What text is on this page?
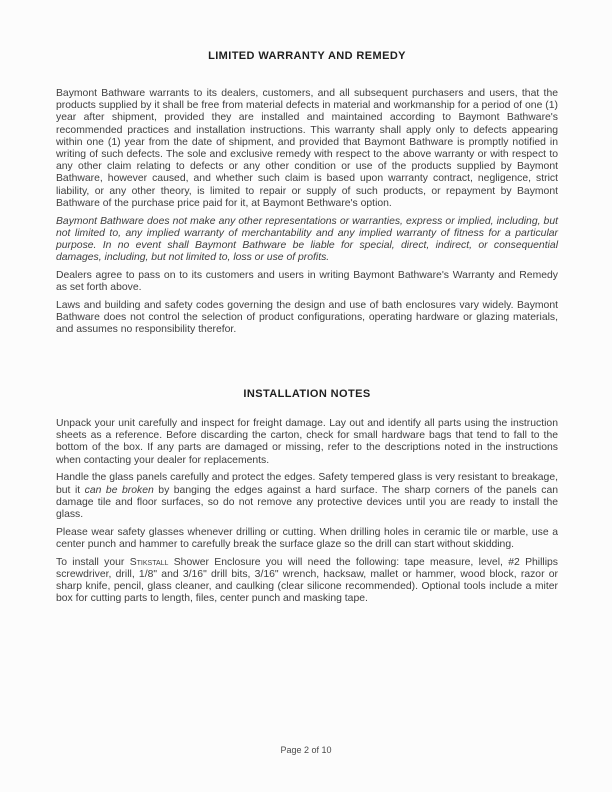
LIMITED WARRANTY AND REMEDY

Baymont Bathware warrants to its dealers, customers, and all subsequent purchasers and users, that the products supplied by it shall be free from material defects in material and workmanship for a period of one (1) year after shipment, provided they are installed and maintained according to Baymont Bathware's recommended practices and installation instructions. This warranty shall apply only to defects appearing within one (1) year from the date of shipment, and provided that Baymont Bathware is promptly notified in writing of such defects. The sole and exclusive remedy with respect to the above warranty or with respect to any other claim relating to defects or any other condition or use of the products supplied by Baymont Bathware, however caused, and whether such claim is based upon warranty contract, negligence, strict liability, or any other theory, is limited to repair or supply of such products, or repayment by Baymont Bathware of the purchase price paid for it, at Baymont Bethware's option.

Baymont Bathware does not make any other representations or warranties, express or implied, including, but not limited to, any implied warranty of merchantability and any implied warranty of fitness for a particular purpose. In no event shall Baymont Bathware be liable for special, direct, indirect, or consequential damages, including, but not limited to, loss or use of profits.

Dealers agree to pass on to its customers and users in writing Baymont Bathware's Warranty and Remedy as set forth above.

Laws and building and safety codes governing the design and use of bath enclosures vary widely. Baymont Bathware does not control the selection of product configurations, operating hardware or glazing materials, and assumes no responsibility therefor.

INSTALLATION NOTES

Unpack your unit carefully and inspect for freight damage. Lay out and identify all parts using the instruction sheets as a reference. Before discarding the carton, check for small hardware bags that tend to fall to the bottom of the box. If any parts are damaged or missing, refer to the descriptions noted in the instructions when contacting your dealer for replacements.

Handle the glass panels carefully and protect the edges. Safety tempered glass is very resistant to breakage, but it can be broken by banging the edges against a hard surface. The sharp corners of the panels can damage tile and floor surfaces, so do not remove any protective devices until you are ready to install the glass.

Please wear safety glasses whenever drilling or cutting. When drilling holes in ceramic tile or marble, use a center punch and hammer to carefully break the surface glaze so the drill can start without skidding.

To install your Stikstall Shower Enclosure you will need the following: tape measure, level, #2 Phillips screwdriver, drill, 1/8" and 3/16" drill bits, 3/16" wrench, hacksaw, mallet or hammer, wood block, razor or sharp knife, pencil, glass cleaner, and caulking (clear silicone recommended). Optional tools include a miter box for cutting parts to length, files, center punch and masking tape.

Page 2 of 10
